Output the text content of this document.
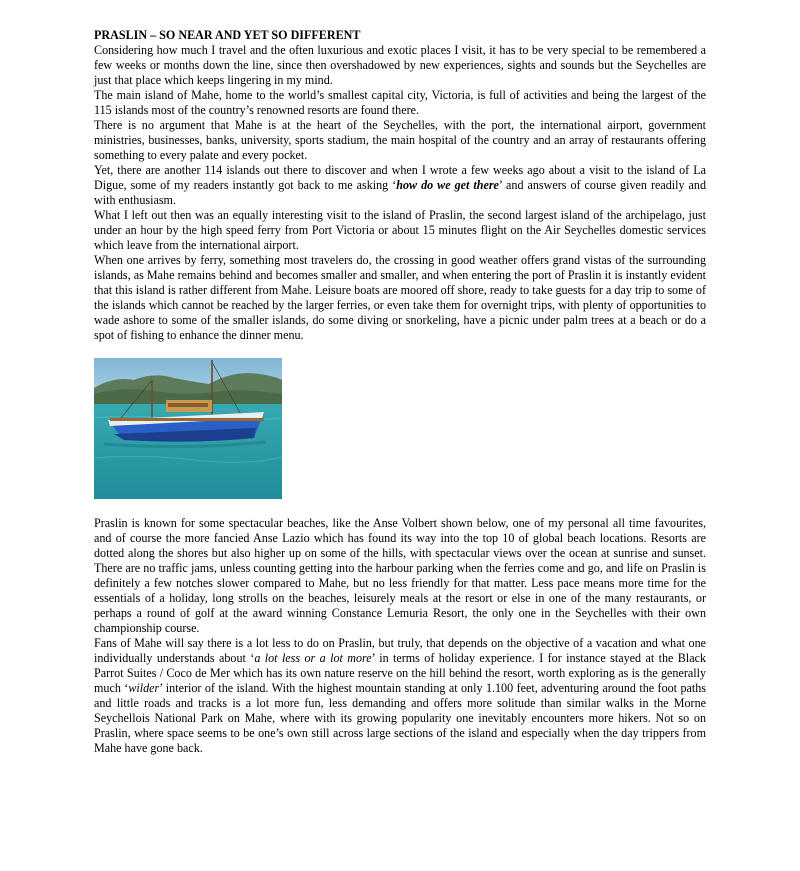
PRASLIN – SO NEAR AND YET SO DIFFERENT

Considering how much I travel and the often luxurious and exotic places I visit, it has to be very special to be remembered a few weeks or months down the line, since then overshadowed by new experiences, sights and sounds but the Seychelles are just that place which keeps lingering in my mind.

The main island of Mahe, home to the world’s smallest capital city, Victoria, is full of activities and being the largest of the 115 islands most of the country’s renowned resorts are found there.

There is no argument that Mahe is at the heart of the Seychelles, with the port, the international airport, government ministries, businesses, banks, university, sports stadium, the main hospital of the country and an array of restaurants offering something to every palate and every pocket.

Yet, there are another 114 islands out there to discover and when I wrote a few weeks ago about a visit to the island of La Digue, some of my readers instantly got back to me asking ‘how do we get there’ and answers of course given readily and with enthusiasm.

What I left out then was an equally interesting visit to the island of Praslin, the second largest island of the archipelago, just under an hour by the high speed ferry from Port Victoria or about 15 minutes flight on the Air Seychelles domestic services which leave from the international airport.

When one arrives by ferry, something most travelers do, the crossing in good weather offers grand vistas of the surrounding islands, as Mahe remains behind and becomes smaller and smaller, and when entering the port of Praslin it is instantly evident that this island is rather different from Mahe. Leisure boats are moored off shore, ready to take guests for a day trip to some of the islands which cannot be reached by the larger ferries, or even take them for overnight trips, with plenty of opportunities to wade ashore to some of the smaller islands, do some diving or snorkeling, have a picnic under palm trees at a beach or do a spot of fishing to enhance the dinner menu.

Praslin is known for some spectacular beaches, like the Anse Volbert shown below, one of my personal all time favourites, and of course the more fancied Anse Lazio which has found its way into the top 10 of global beach locations. Resorts are dotted along the shores but also higher up on some of the hills, with spectacular views over the ocean at sunrise and sunset. There are no traffic jams, unless counting getting into the harbour parking when the ferries come and go, and life on Praslin is definitely a few notches slower compared to Mahe, but no less friendly for that matter. Less pace means more time for the essentials of a holiday, long strolls on the beaches, leisurely meals at the resort or else in one of the many restaurants, or perhaps a round of golf at the award winning Constance Lemuria Resort, the only one in the Seychelles with their own championship course.

Fans of Mahe will say there is a lot less to do on Praslin, but truly, that depends on the objective of a vacation and what one individually understands about ‘a lot less or a lot more’ in terms of holiday experience. I for instance stayed at the Black Parrot Suites / Coco de Mer which has its own nature reserve on the hill behind the resort, worth exploring as is the generally much ‘wilder’ interior of the island. With the highest mountain standing at only 1.100 feet, adventuring around the foot paths and little roads and tracks is a lot more fun, less demanding and offers more solitude than similar walks in the Morne Seychellois National Park on Mahe, where with its growing popularity one inevitably encounters more hikers. Not so on Praslin, where space seems to be one’s own still across large sections of the island and especially when the day trippers from Mahe have gone back.
